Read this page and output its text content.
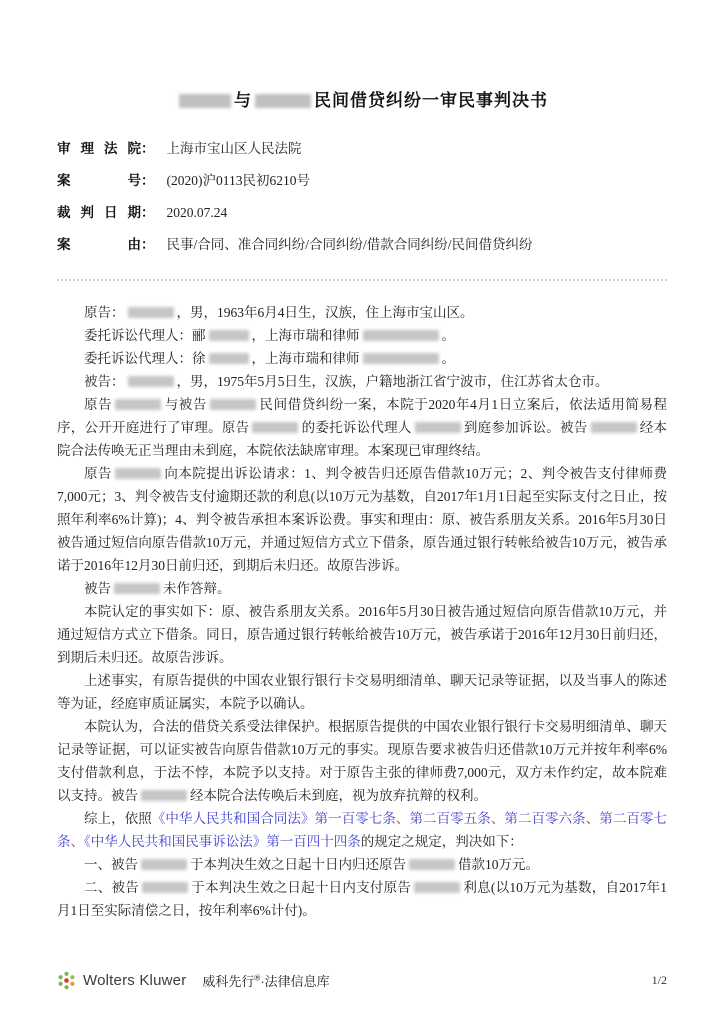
与	民间借贷纠纷一审民事判决书
审 理 法 院 ： 上海市宝山区人民法院
案	号 ： (2020)沪0113民初6210号
裁 判 日 期 ： 2020.07.24
案	由 ： 民事/合同、准合同纠纷/合同纠纷/借款合同纠纷/民间借贷纠纷

原告：	，男，1963年6月4日生，汉族，住上海市宝山区。

委托诉讼代理人：郦	，上海市瑞和律师	。

委托诉讼代理人：徐	，上海市瑞和律师	。

被告：	，男，1975年5月5日生，汉族，户籍地浙江省宁波市，住江苏省太仓市。

原告	与被告	民间借贷纠纷一案，本院于2020年4月1日立案后，依法适用简易程序，公开开庭进行了审理。原告	的委托诉讼代理人	到庭参加诉讼。被告	经本院合法传唤无正当理由未到庭，本院依法缺席审理。本案现已审理终结。

原告	向本院提出诉讼请求：1、判令被告归还原告借款10万元；2、判令被告支付律师费7,000元；3、判令被告支付逾期还款的利息(以10万元为基数，自2017年1月1日起至实际支付之日止，按照年利率6%计算)；4、判令被告承担本案诉讼费。事实和理由：原、被告系朋友关系。2016年5月30日被告通过短信向原告借款10万元，并通过短信方式立下借条，原告通过银行转帐给被告10万元，被告承诺于2016年12月30日前归还，到期后未归还。故原告涉诉。

被告	未作答辩。

本院认定的事实如下：原、被告系朋友关系。2016年5月30日被告通过短信向原告借款10万元，并通过短信方式立下借条。同日，原告通过银行转帐给被告10万元，被告承诺于2016年12月30日前归还，到期后未归还。故原告涉诉。

上述事实，有原告提供的中国农业银行银行卡交易明细清单、聊天记录等证据，以及当事人的陈述等为证，经庭审质证属实，本院予以确认。

本院认为，合法的借贷关系受法律保护。根据原告提供的中国农业银行银行卡交易明细清单、聊天记录等证据，可以证实被告向原告借款10万元的事实。现原告要求被告归还借款10万元并按年利率6%支付借款利息，于法不悖，本院予以支持。对于原告主张的律师费7,000元，双方未作约定，故本院难以支持。被告	经本院合法传唤后未到庭，视为放弃抗辩的权利。

综上，依照《中华人民共和国合同法》第一百零七条、第二百零五条、第二百零六条、第二百零七条、《中华人民共和国民事诉讼法》第一百四十四条的规定之规定，判决如下：

一、被告	于本判决生效之日起十日内归还原告	借款10万元。

二、被告	于本判决生效之日起十日内支付原告	利息(以10万元为基数，自2017年1月1日至实际清偿之日，按年利率6%计付)。

Wolters Kluwer 威科先行®·法律信息库	1/2
